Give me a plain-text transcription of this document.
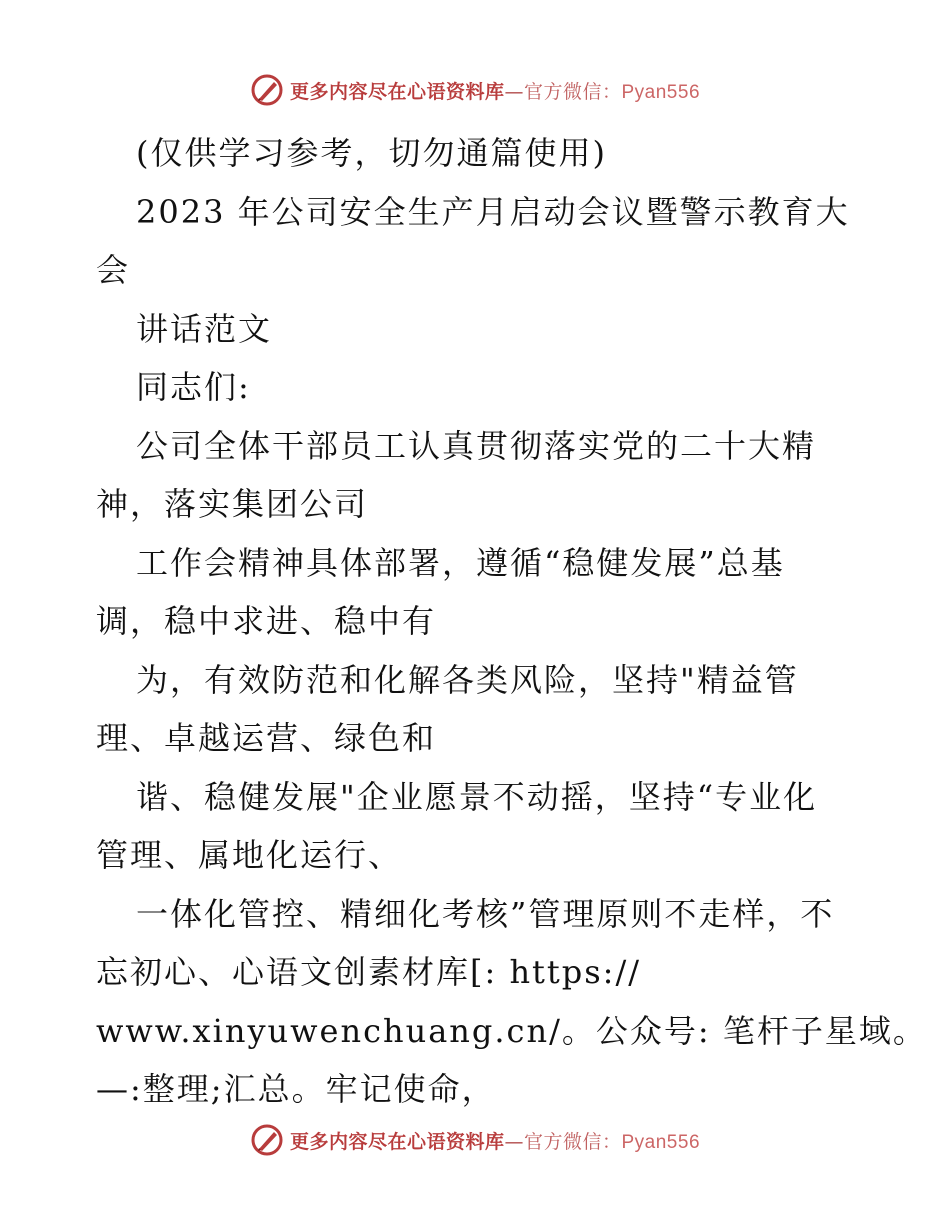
更多内容尽在心语资料库—官方微信：Pyan556

(仅供学习参考，切勿通篇使用)

2023 年公司安全生产月启动会议暨警示教育大

会

讲话范文

同志们:

公司全体干部员工认真贯彻落实党的二十大精

神，落实集团公司

工作会精神具体部署，遵循“稳健发展”总基

调，稳中求进、稳中有

为，有效防范和化解各类风险，坚持"精益管

理、卓越运营、绿色和

谐、稳健发展"企业愿景不动摇，坚持“专业化

管理、属地化运行、

一体化管控、精细化考核”管理原则不走样，不

忘初心、心语文创素材库[: https://

www.xinyuwenchuang.cn/。公众号: 笔杆子星域。

—:整理;汇总。牢记使命，

更多内容尽在心语资料库—官方微信：Pyan556
